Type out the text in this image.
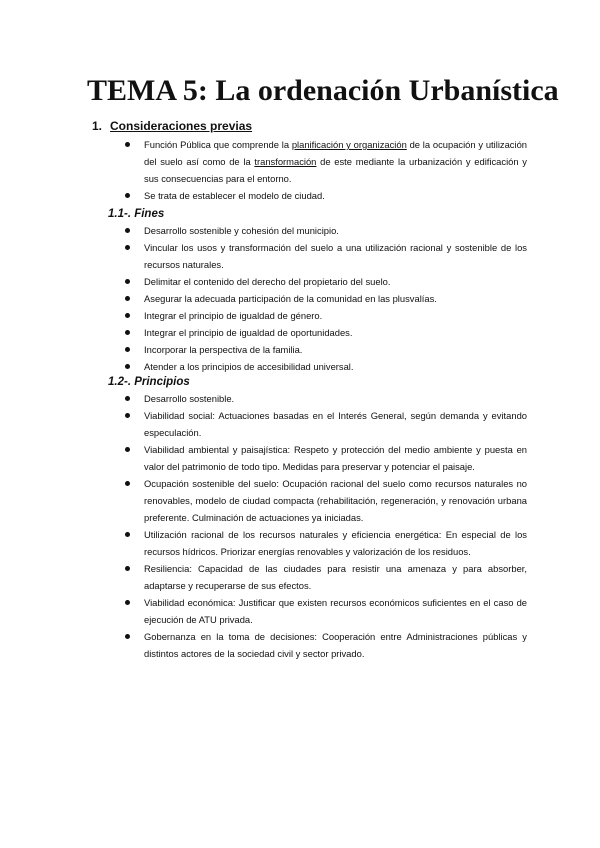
TEMA 5: La ordenación Urbanística
1. Consideraciones previas
Función Pública que comprende la planificación y organización de la ocupación y utilización del suelo así como de la transformación de este mediante la urbanización y edificación y sus consecuencias para el entorno.
Se trata de establecer el modelo de ciudad.
1.1-. Fines
Desarrollo sostenible y cohesión del municipio.
Vincular los usos y transformación del suelo a una utilización racional y sostenible de los recursos naturales.
Delimitar el contenido del derecho del propietario del suelo.
Asegurar la adecuada participación de la comunidad en las plusvalías.
Integrar el principio de igualdad de género.
Integrar el principio de igualdad de oportunidades.
Incorporar la perspectiva de la familia.
Atender a los principios de accesibilidad universal.
1.2-. Principios
Desarrollo sostenible.
Viabilidad social: Actuaciones basadas en el Interés General, según demanda y evitando especulación.
Viabilidad ambiental y paisajística: Respeto y protección del medio ambiente y puesta en valor del patrimonio de todo tipo. Medidas para preservar y potenciar el paisaje.
Ocupación sostenible del suelo: Ocupación racional del suelo como recursos naturales no renovables, modelo de ciudad compacta (rehabilitación, regeneración, y renovación urbana preferente. Culminación de actuaciones ya iniciadas.
Utilización racional de los recursos naturales y eficiencia energética: En especial de los recursos hídricos. Priorizar energías renovables y valorización de los residuos.
Resiliencia: Capacidad de las ciudades para resistir una amenaza y para absorber, adaptarse y recuperarse de sus efectos.
Viabilidad económica: Justificar que existen recursos económicos suficientes en el caso de ejecución de ATU privada.
Gobernanza en la toma de decisiones: Cooperación entre Administraciones públicas y distintos actores de la sociedad civil y sector privado.
